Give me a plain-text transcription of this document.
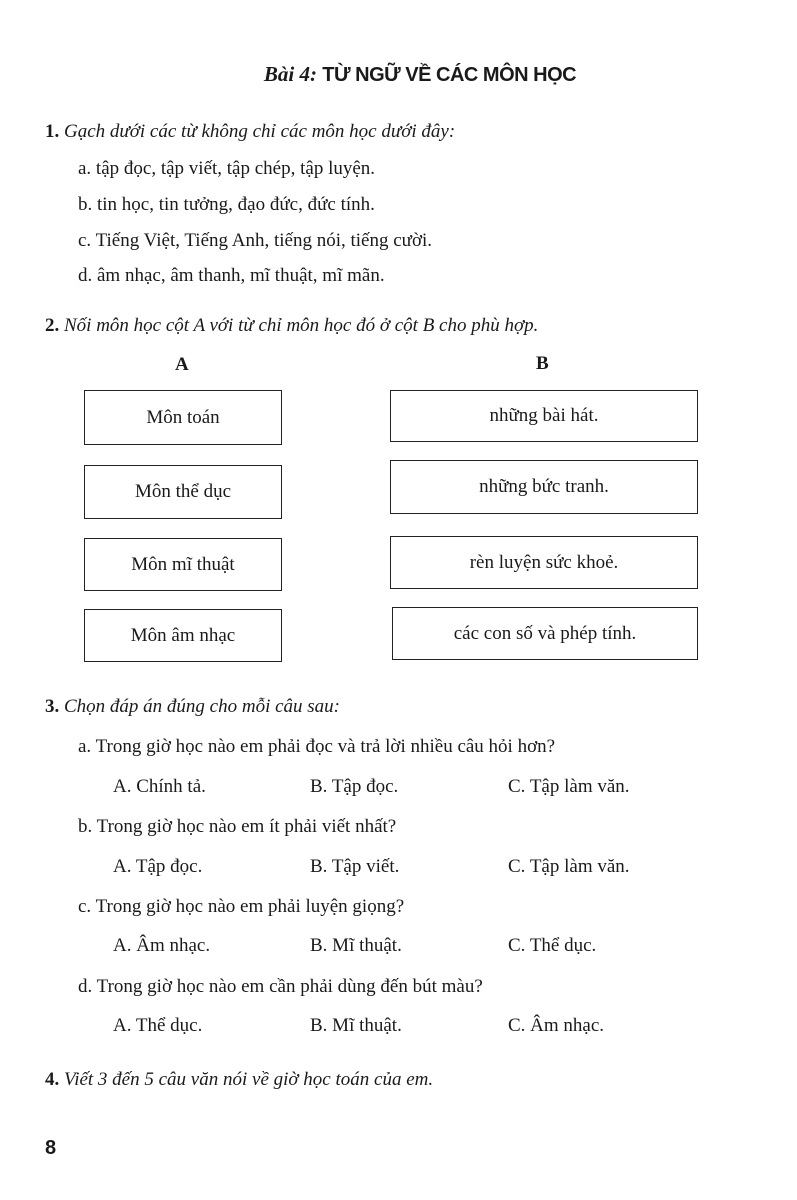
Bài 4: TỪ NGỮ VỀ CÁC MÔN HỌC
1. Gạch dưới các từ không chỉ các môn học dưới đây:
a. tập đọc, tập viết, tập chép, tập luyện.
b. tin học, tin tưởng, đạo đức, đức tính.
c. Tiếng Việt, Tiếng Anh, tiếng nói, tiếng cười.
d. âm nhạc, âm thanh, mĩ thuật, mĩ mãn.
2. Nối môn học cột A với từ chỉ môn học đó ở cột B cho phù hợp.
A	B
Môn toán
Môn thể dục
Môn mĩ thuật
Môn âm nhạc
những bài hát.
những bức tranh.
rèn luyện sức khoẻ.
các con số và phép tính.
3. Chọn đáp án đúng cho mỗi câu sau:
a. Trong giờ học nào em phải đọc và trả lời nhiều câu hỏi hơn?
A. Chính tả.	B. Tập đọc.	C. Tập làm văn.
b. Trong giờ học nào em ít phải viết nhất?
A. Tập đọc.	B. Tập viết.	C. Tập làm văn.
c. Trong giờ học nào em phải luyện giọng?
A. Âm nhạc.	B. Mĩ thuật.	C. Thể dục.
d. Trong giờ học nào em cần phải dùng đến bút màu?
A. Thể dục.	B. Mĩ thuật.	C. Âm nhạc.
4. Viết 3 đến 5 câu văn nói về giờ học toán của em.
8
